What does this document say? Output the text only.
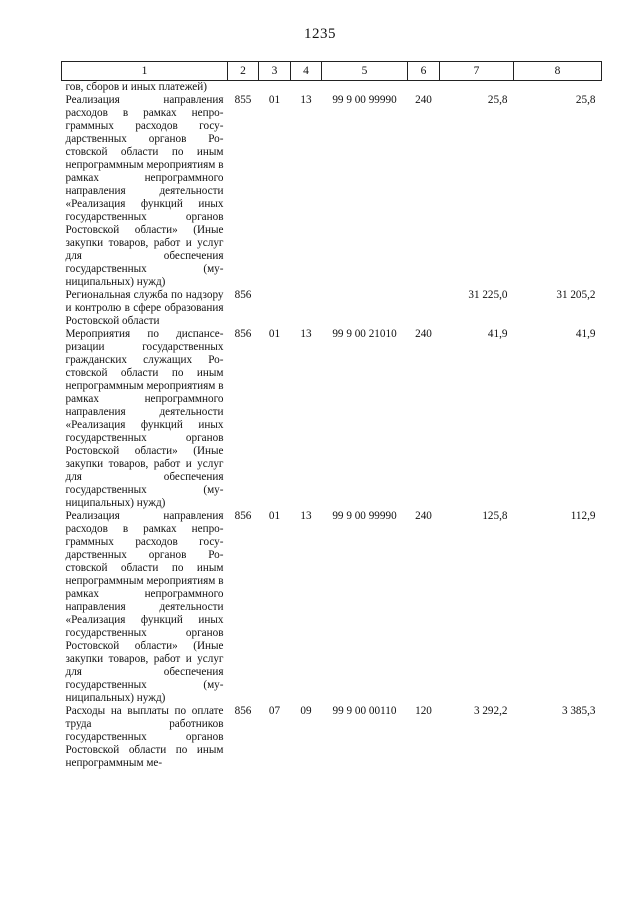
1235
1	2	3	4	5	6	7	8
гов, сборов и иных платежей)							
Реализация направления расходов в рамках непрограммных расходов государственных органов Ростовской области по иным непрограммным мероприятиям в рамках непрограммного направления деятельности «Реализация функций иных государственных органов Ростовской области» (Иные закупки товаров, работ и услуг для обеспечения государственных (муниципальных) нужд)	855	01	13	99 9 00 99990	240	25,8	25,8
Региональная служба по надзору и контролю в сфере образования Ростовской области	856					31 225,0	31 205,2
Мероприятия по диспансеризации государственных гражданских служащих Ростовской области по иным непрограммным мероприятиям в рамках непрограммного направления деятельности «Реализация функций иных государственных органов Ростовской области» (Иные закупки товаров, работ и услуг для обеспечения государственных (муниципальных) нужд)	856	01	13	99 9 00 21010	240	41,9	41,9
Реализация направления расходов в рамках непрограммных расходов государственных органов Ростовской области по иным непрограммным мероприятиям в рамках непрограммного направления деятельности «Реализация функций иных государственных органов Ростовской области» (Иные закупки товаров, работ и услуг для обеспечения государственных (муниципальных) нужд)	856	01	13	99 9 00 99990	240	125,8	112,9
Расходы на выплаты по оплате труда работников государственных органов Ростовской области по иным непрограммным ме-	856	07	09	99 9 00 00110	120	3 292,2	3 385,3
